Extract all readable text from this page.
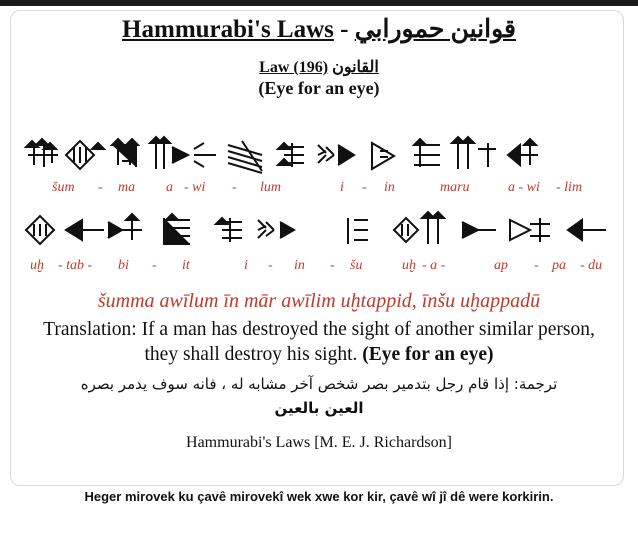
Hammurabi's Laws - قوانين حمورابي
Law (196) القانون
(Eye for an eye)
šum - ma a - wi - lum	i - in	maru	a - wi - lim
uḫ - tab - bi - it	i - in - šu	uḫ - a -	ap - pa - du
šumma awīlum īn mār awīlim uḫtappid, īnšu uḫappadū
Translation: If a man has destroyed the sight of another similar person,
they shall destroy his sight. (Eye for an eye)
ترجمة: إذا قام رجل بتدمير بصر شخص آخر مشابه له ، فانه سوف يدمر بصره
العين بالعين
Hammurabi's Laws [M. E. J. Richardson]
Heger mirovek ku çavê mirovekî wek xwe kor kir, çavê wî jî dê were korkirin.
